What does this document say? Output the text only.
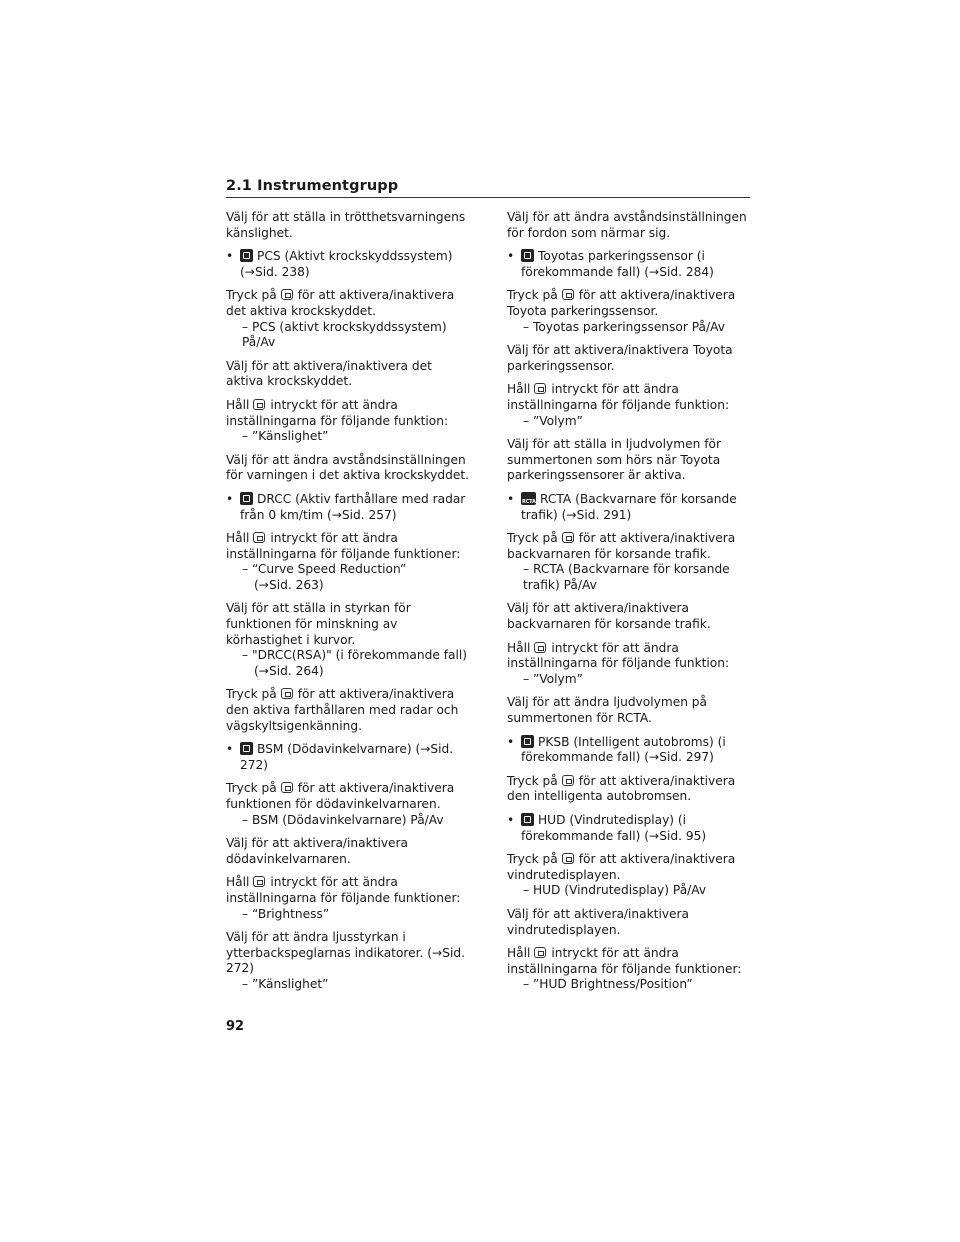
2.1 Instrumentgrupp

Välj för att ställa in trötthetsvarningens känslighet.

• PCS (Aktivt krockskyddssystem) (→Sid. 238)

Tryck på för att aktivera/inaktivera det aktiva krockskyddet.
– PCS (aktivt krockskyddssystem) På/Av

Välj för att aktivera/inaktivera det aktiva krockskyddet.

Håll intryckt för att ändra inställningarna för följande funktion:
– ”Känslighet”

Välj för att ändra avståndsinställningen för varningen i det aktiva krockskyddet.

• DRCC (Aktiv farthållare med radar från 0 km/tim (→Sid. 257)

Håll intryckt för att ändra inställningarna för följande funktioner:
– “Curve Speed Reduction”
(→Sid. 263)

Välj för att ställa in styrkan för funktionen för minskning av körhastighet i kurvor.
– "DRCC(RSA)" (i förekommande fall)
(→Sid. 264)

Tryck på för att aktivera/inaktivera den aktiva farthållaren med radar och vägskyltsigenkänning.

• BSM (Dödavinkelvarnare) (→Sid. 272)

Tryck på för att aktivera/inaktivera funktionen för dödavinkelvarnaren.
– BSM (Dödavinkelvarnare) På/Av

Välj för att aktivera/inaktivera dödavinkelvarnaren.

Håll intryckt för att ändra inställningarna för följande funktioner:
– “Brightness”

Välj för att ändra ljusstyrkan i ytterbackspeglarnas indikatorer. (→Sid. 272)
– ”Känslighet”

Välj för att ändra avståndsinställningen för fordon som närmar sig.

• Toyotas parkeringssensor (i förekommande fall) (→Sid. 284)

Tryck på för att aktivera/inaktivera Toyota parkeringssensor.
– Toyotas parkeringssensor På/Av

Välj för att aktivera/inaktivera Toyota parkeringssensor.

Håll intryckt för att ändra inställningarna för följande funktion:
– ”Volym”

Välj för att ställa in ljudvolymen för summertonen som hörs när Toyota parkeringssensorer är aktiva.

• RCTA RCTA (Backvarnare för korsande trafik) (→Sid. 291)

Tryck på för att aktivera/inaktivera backvarnaren för korsande trafik.
– RCTA (Backvarnare för korsande trafik) På/Av

Välj för att aktivera/inaktivera backvarnaren för korsande trafik.

Håll intryckt för att ändra inställningarna för följande funktion:
– ”Volym”

Välj för att ändra ljudvolymen på summertonen för RCTA.

• PKSB (Intelligent autobroms) (i förekommande fall) (→Sid. 297)

Tryck på för att aktivera/inaktivera den intelligenta autobromsen.

• HUD (Vindrutedisplay) (i förekommande fall) (→Sid. 95)

Tryck på för att aktivera/inaktivera vindrutedisplayen.
– HUD (Vindrutedisplay) På/Av

Välj för att aktivera/inaktivera vindrutedisplayen.

Håll intryckt för att ändra inställningarna för följande funktioner:
– ”HUD Brightness/Position”

92
